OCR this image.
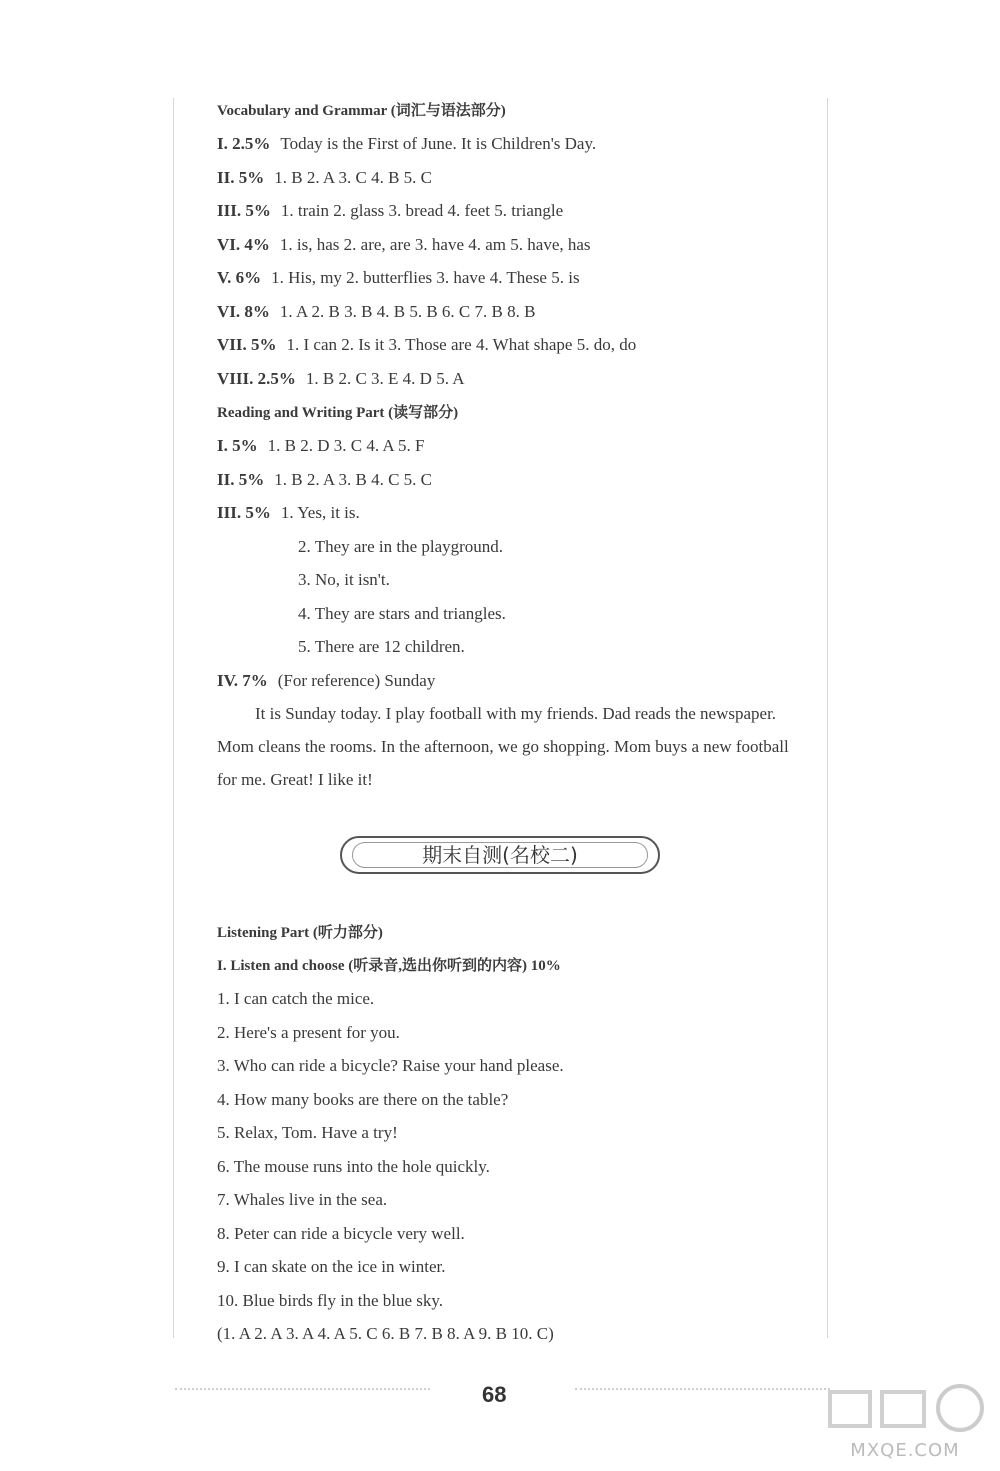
Vocabulary and Grammar (词汇与语法部分)
I. 2.5% Today is the First of June. It is Children's Day.
II. 5% 1. B 2. A 3. C 4. B 5. C
III. 5% 1. train 2. glass 3. bread 4. feet 5. triangle
VI. 4% 1. is, has 2. are, are 3. have 4. am 5. have, has
V. 6% 1. His, my 2. butterflies 3. have 4. These 5. is
VI. 8% 1. A 2. B 3. B 4. B 5. B 6. C 7. B 8. B
VII. 5% 1. I can 2. Is it 3. Those are 4. What shape 5. do, do
VIII. 2.5% 1. B 2. C 3. E 4. D 5. A
Reading and Writing Part (读写部分)
I. 5% 1. B 2. D 3. C 4. A 5. F
II. 5% 1. B 2. A 3. B 4. C 5. C
III. 5% 1. Yes, it is.
2. They are in the playground.
3. No, it isn't.
4. They are stars and triangles.
5. There are 12 children.
IV. 7% (For reference) Sunday
It is Sunday today. I play football with my friends. Dad reads the newspaper. Mom cleans the rooms. In the afternoon, we go shopping. Mom buys a new football for me. Great! I like it!
期末自测(名校二)
Listening Part (听力部分)
I. Listen and choose (听录音,选出你听到的内容) 10%
1. I can catch the mice.
2. Here's a present for you.
3. Who can ride a bicycle? Raise your hand please.
4. How many books are there on the table?
5. Relax, Tom. Have a try!
6. The mouse runs into the hole quickly.
7. Whales live in the sea.
8. Peter can ride a bicycle very well.
9. I can skate on the ice in winter.
10. Blue birds fly in the blue sky.
(1. A 2. A 3. A 4. A 5. C 6. B 7. B 8. A 9. B 10. C)
68
MXQE.COM
